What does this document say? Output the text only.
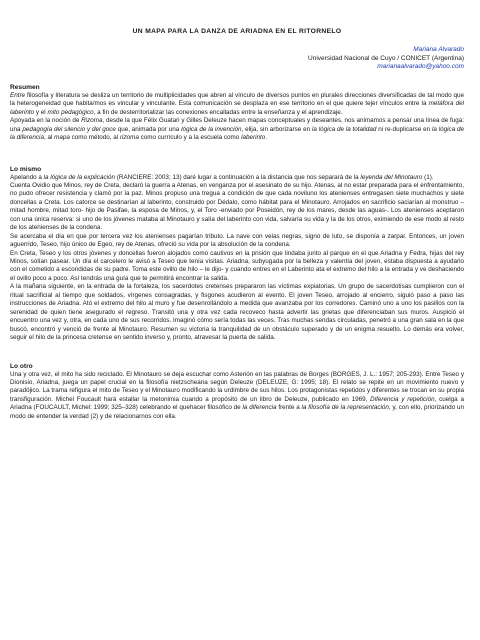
UN MAPA PARA LA DANZA DE ARIADNA EN EL RITORNELO
Mariana Alvarado
Universidad Nacional de Cuyo / CONICET (Argentina)
marianaalvarado@yahoo.com
Resumen

Entre filosofía y literatura se desliza un territorio de multiplicidades que abren al vínculo de diversos puntos en plurales direcciones diversificadas de tal modo que la heterogeneidad que habita/mos es vincular y vinculante. Esta comunicación se desplaza en ese territorio en el que quiere tejer vínculos entre la metáfora del laberinto y el mito pedagógico, a fin de desterritorializar las conexiones encalladas entre la enseñanza y el aprendizaje.

Apoyada en la noción de Rizoma, desde la que Félix Guatari y Gilles Deleuze hacen mapas conceptuales y deseantes, nos animamos a pensar una línea de fuga: una pedagogía del silencio y del goce que, animada por una lógica de la invención, elija, sin arborizarse en la lógica de la totalidad ni re-duplicarse en la lógica de la diferencia, al mapa como método, al rizoma como currículo y a la escuela como laberinto.

Lo mismo

Apelando a la lógica de la explicación (RANCIERE: 2003; 13) daré lugar a continuación a la distancia que nos separará de la leyenda del Minotauro (1).

Cuenta Ovidio que Minos, rey de Creta, declaró la guerra a Atenas, en venganza por el asesinato de su hijo. Atenas, al no estar preparada para el enfrentamiento, no pudo ofrecer resistencia y clamó por la paz. Minos propuso una tregua a condición de que cada noviluno los atenienses entregasen siete muchachos y siete doncellas a Creta. Los catorce se destinarían al laberinto, construido por Dédalo, como hábitat para el Minotauro. Arrojados en sacrificio saciarían al monstruo –mitad hombre, mitad toro- hijo de Pasifae, la esposa de Minos, y, el Toro -enviado por Poseidón, rey de los mares, desde las aguas-. Los atenienses aceptaron con una única reserva: si uno de los jóvenes mataba al Minotauro y salía del laberinto con vida, salvaría su vida y la de los otros, eximiendo de ese modo al resto de los atenienses de la condena.

Se acercaba el día en que por tercera vez los atenienses pagarían tributo. La nave con velas negras, signo de luto, se disponía a zarpar. Entonces, un joven aguerrido, Teseo, hijo único de Egeo, rey de Atenas, ofreció su vida por la absolución de la condena.

En Creta, Teseo y los otros jóvenes y doncellas fueron alojados como cautivos en la prisión que lindaba junto al parque en el que Ariadna y Fedra, hijas del rey Minos, solían pasear. Un día el carcelero le avisó a Teseo que tenía visitas. Ariadna, subyugada por la belleza y valentía del joven, estaba dispuesta a ayudarlo con el cometido a escondidas de su padre. Toma este ovillo de hilo – le dijo- y cuando entres en el Laberinto ata el extremo del hilo a la entrada y ve deshaciendo el ovillo poco a poco. Así tendrás una guía que te permitirá encontrar la salida.

A la mañana siguiente, en la entrada de la fortaleza, los sacerdotes cretenses prepararon las víctimas expiatorias. Un grupo de sacerdotisas cumplieron con el ritual sacrificial al tiempo que soldados, vírgenes consagradas, y fisgones acudieron al evento. El joven Teseo, arrojado al encierro, siguió paso a paso las instrucciones de Ariadna. Ató el extremo del hilo al muro y fue desenrollándolo a medida que avanzaba por los corredores. Caminó uno a uno los pasillos con la serenidad de quien tiene asegurado el regreso. Transitó una y otra vez cada recoveco hasta advertir las grietas que diferenciaban sus muros. Auspició el encuentro una vez y, otra, en cada uno de sus recorridos. Imaginó cómo sería todas las veces. Tras muchas sendas circuladas, penetró a una gran sala en la que buscó, encontró y venció de frente al Minotauro. Resumen su victoria la tranquilidad de un obstáculo superado y de un enigma resuelto. Lo demás era volver, seguir el hilo de la princesa cretense en sentido inverso y, pronto, atravesar la puerta de salida.

Lo otro

Una y otra vez, el mito ha sido reciclado. El Minotauro se deja escuchar como Asterión en las palabras de Borges (BORGES, J. L.: 1957; 205-293). Entre Teseo y Dionisio, Ariadna, juega un papel crucial en la filosofía nietzscheana según Deleuze (DELEUZE, G: 1995; 18). El relato se repite en un movimiento nuevo y paradójico. La trama refigura el mito de Teseo y el Minotauro modificando la urdimbre de sus hilos. Los protagonistas repetidos y diferentes se trocan en su propia transfiguración. Michel Foucault hará estallar la metonimia cuando a propósito de un libro de Deleuze, publicado en 1969, Diferencia y repetición, cuelga a Ariadna (FOUCAULT, Michel: 1999; 325–328) celebrando el quehacer filosófico de la diferencia frente a la filosofía de la representación, y, con ello, priorizando un modo de entender la verdad (2) y de relacionarnos con ella.
